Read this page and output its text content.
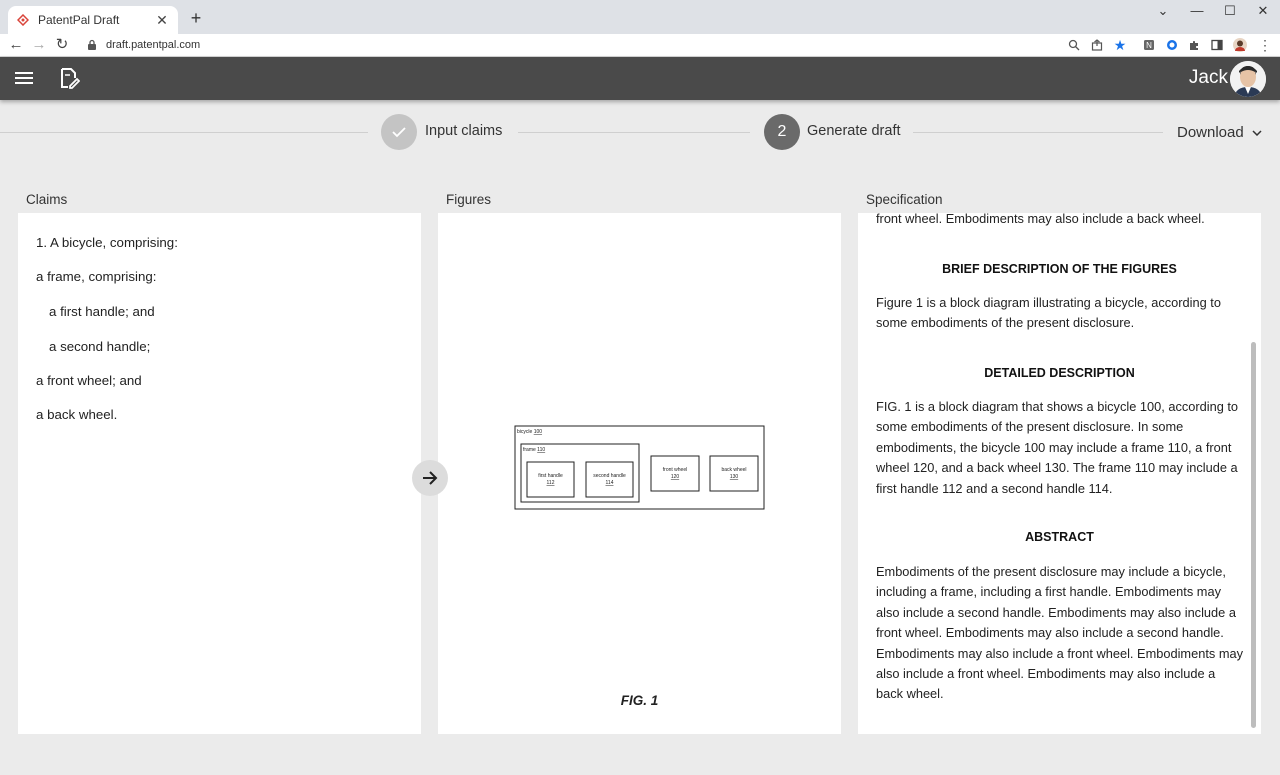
PatentPal Draft	✕ +	⌄	—	☐	✕
← → ↻	draft.patentpal.com	★ N	⋮
Jack
Input claims	2	Generate draft	Download
Claims

1. A bicycle, comprising:

a frame, comprising:

a first handle; and

a second handle;

a front wheel; and

a back wheel.

Figures
bicycle 100
frame 110
first handle
112
second handle
114
front wheel
120
back wheel
130
FIG. 1
Specification
front wheel. Embodiments may also include a back wheel.
BRIEF DESCRIPTION OF THE FIGURES
Figure 1 is a block diagram illustrating a bicycle, according to some embodiments of the present disclosure.
DETAILED DESCRIPTION
FIG. 1 is a block diagram that shows a bicycle 100, according to some embodiments of the present disclosure. In some embodiments, the bicycle 100 may include a frame 110, a front wheel 120, and a back wheel 130. The frame 110 may include a first handle 112 and a second handle 114.
ABSTRACT
Embodiments of the present disclosure may include a bicycle, including a frame, including a first handle. Embodiments may also include a second handle. Embodiments may also include a front wheel. Embodiments may also include a second handle. Embodiments may also include a front wheel. Embodiments may also include a front wheel. Embodiments may also include a back wheel.
